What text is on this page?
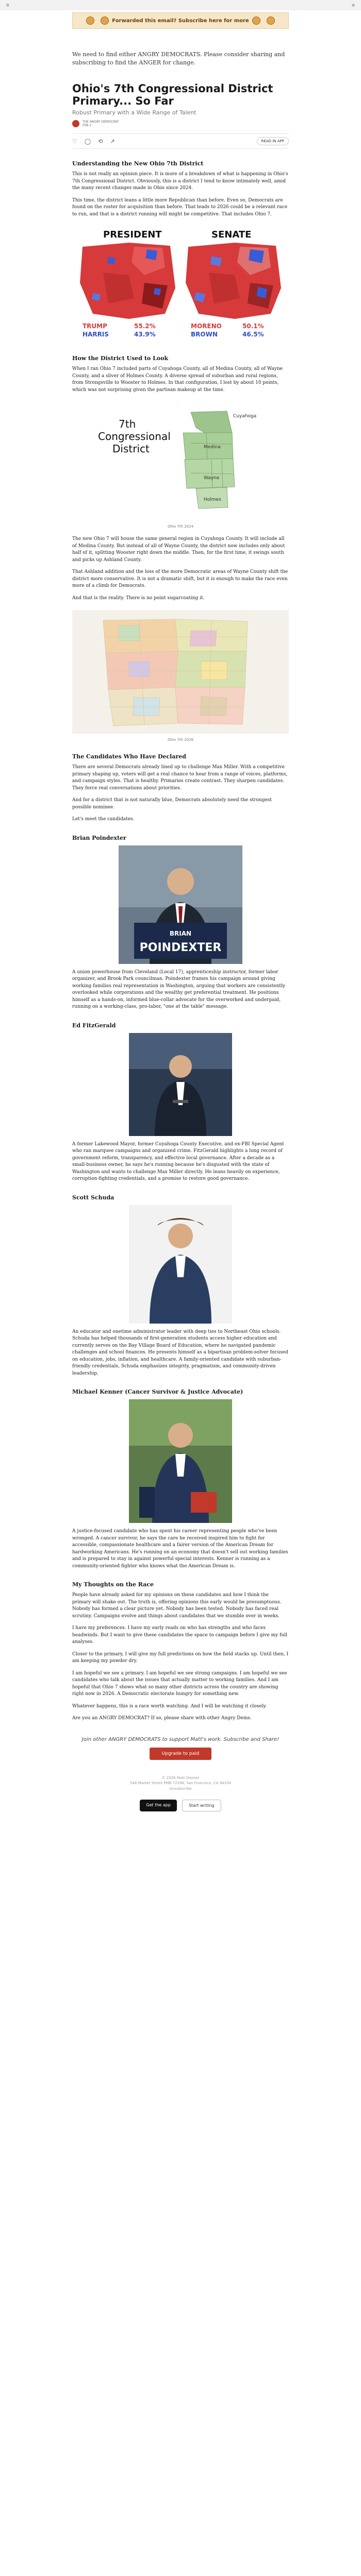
Forwarded this email? Subscribe here for more
We need to find either ANGRY DEMOCRATS. Please consider sharing and subscribing to find the ANGER for change.
Ohio's 7th Congressional District Primary... So Far
Robust Primary with a Wide Range of Talent
THE ANGRY DEMOCRAT
FEB 2
♡ ◯ ⟲ ↗	READ IN APP
Understanding the New Ohio 7th District

This is not really an opinion piece. It is more of a breakdown of what is happening in Ohio's 7th Congressional District. Obviously, this is a district I tend to know intimately well, amid the many recent changes made in Ohio since 2024.

This time, the district leans a little more Republican than before. Even so, Democrats are found on the roster for acquisition than before. That leads to 2026 could be a relevant race to run, and that is a district running will might be competitive. That includes Ohio 7.

PRESIDENT	SENATE
TRUMP	55.2%
HARRIS	43.9%
MORENO	50.1%
BROWN	46.5%
How the District Used to Look

When I ran Ohio 7 included parts of Cuyahoga County, all of Medina County, all of Wayne County, and a sliver of Holmes County. A diverse spread of suburban and rural regions, from Strongsville to Wooster to Holmes. In that configuration, I lost by about 10 points, which was not surprising given the partisan makeup at the time.

7th
Congressional
District
Cuyahoga
Medina
Wayne
Holmes
Ohio 7th 2024

The new Ohio 7 will house the same general region in Cuyahoga County. It will include all of Medina County. But instead of all of Wayne County, the district now includes only about half of it, splitting Wooster right down the middle. Then, for the first time, it swings south and picks up Ashland County.

That Ashland addition and the loss of the more Democratic areas of Wayne County shift the district more conservative. It is not a dramatic shift, but it is enough to make the race even more of a climb for Democrats.

And that is the reality. There is no point sugarcoating it.

Ohio 7th 2026
The Candidates Who Have Declared

There are several Democrats already lined up to challenge Max Miller. With a competitive primary shaping up, voters will get a real chance to hear from a range of voices, platforms, and campaign styles. That is healthy. Primaries create contrast. They sharpen candidates. They force real conversations about priorities.

And for a district that is not naturally blue, Democrats absolutely need the strongest possible nominee.

Let's meet the candidates.

Brian Poindexter
BRIAN
POINDEXTER

A union powerhouse from Cleveland (Local 17), apprenticeship instructor, former labor organizer, and Brook Park councilman. Poindexter frames his campaign around giving working families real representation in Washington, arguing that workers are consistently overlooked while corporations and the wealthy get preferential treatment. He positions himself as a hands-on, informed blue-collar advocate for the overworked and underpaid, running on a working-class, pro-labor, "one at the table" message.

Ed FitzGerald

A former Lakewood Mayor, former Cuyahoga County Executive, and ex-FBI Special Agent who ran marquee campaigns and organized crime. FitzGerald highlights a long record of government reform, transparency, and effective local governance. After a decade as a small-business owner, he says he's running because he's disgusted with the state of Washington and wants to challenge Max Miller directly. He leans heavily on experience, corruption-fighting credentials, and a promise to restore good governance.

Scott Schuda

An educator and onetime administrator leader with deep ties to Northeast Ohio schools. Schuda has helped thousands of first-generation students access higher education and currently serves on the Bay Village Board of Education, where he navigated pandemic challenges and school finances. He presents himself as a bipartisan problem-solver focused on education, jobs, inflation, and healthcare. A family-oriented candidate with suburban-friendly credentials, Schuda emphasizes integrity, pragmatism, and community-driven leadership.

Michael Kenner (Cancer Survivor & Justice Advocate)

A justice-focused candidate who has spent his career representing people who've been wronged. A cancer survivor, he says the care he received inspired him to fight for accessible, compassionate healthcare and a fairer version of the American Dream for hardworking Americans. He's running on an economy that doesn't sell out working families and is prepared to stay in against powerful special interests. Kenner is running as a community-oriented fighter who knows what the American Dream is.

My Thoughts on the Race

People have already asked for my opinions on these candidates and how I think the primary will shake out. The truth is, offering opinions this early would be presumptuous. Nobody has formed a clear picture yet. Nobody has been tested. Nobody has faced real scrutiny. Campaigns evolve and things about candidates that we stumble over in weeks.

I have my preferences. I have my early reads on who has strengths and who faces headwinds. But I want to give these candidates the space to campaign before I give my full analyses.

Closer to the primary, I will give my full predictions on how the field stacks up. Until then, I am keeping my powder dry.

I am hopeful we see a primary. I am hopeful we see strong campaigns. I am hopeful we see candidates who talk about the issues that actually matter to working families. And I am hopeful that Ohio 7 shows what so many other districts across the country are showing right now in 2026. A Democratic electorate hungry for something new.

Whatever happens, this is a race worth watching. And I will be watching it closely.

Are you an ANGRY DEMOCRAT? If so, please share with other Angry Dems.

Join other ANGRY DEMOCRATS to support Matt's work. Subscribe and Share!
Upgrade to paid
© 2026 Matt Diemer
548 Market Street PMB 72296, San Francisco, CA 94104
Unsubscribe
Get the app	Start writing
